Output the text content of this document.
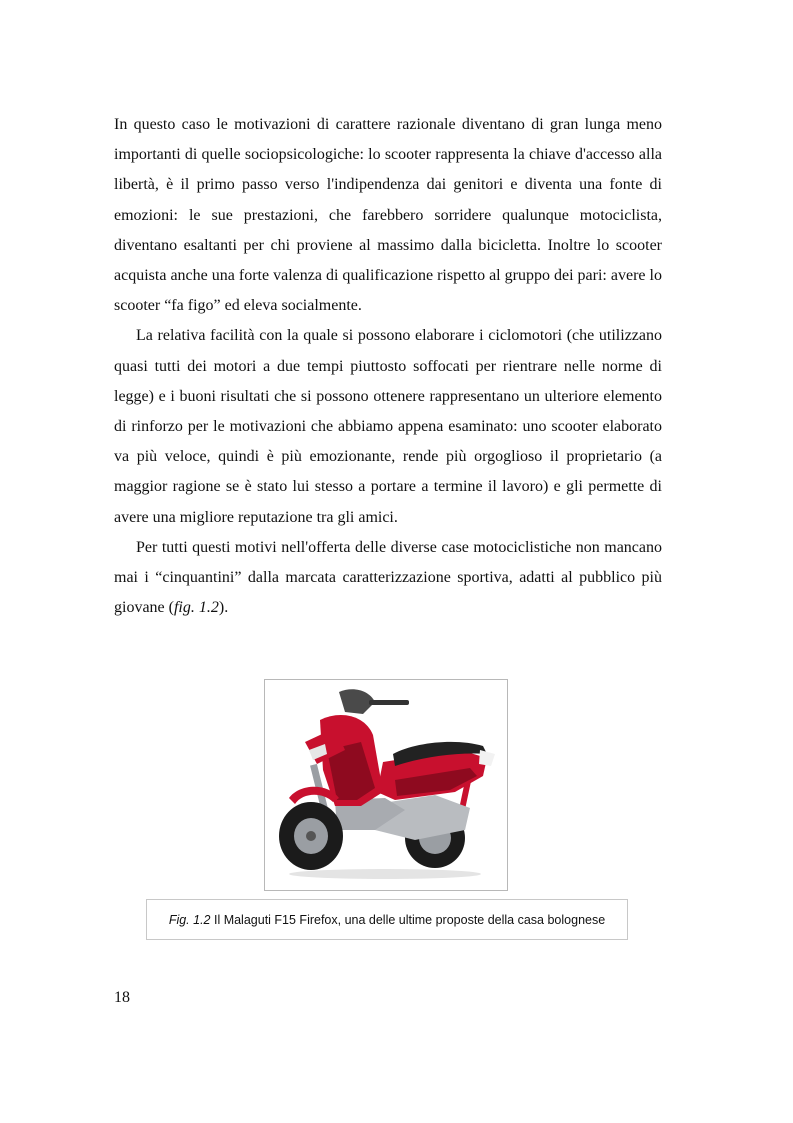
In questo caso le motivazioni di carattere razionale diventano di gran lunga meno importanti di quelle sociopsicologiche: lo scooter rappresenta la chiave d'accesso alla libertà, è il primo passo verso l'indipendenza dai genitori e diventa una fonte di emozioni: le sue prestazioni, che farebbero sorridere qualunque motociclista, diventano esaltanti per chi proviene al massimo dalla bicicletta. Inoltre lo scooter acquista anche una forte valenza di qualificazione rispetto al gruppo dei pari: avere lo scooter “fa figo” ed eleva socialmente.

La relativa facilità con la quale si possono elaborare i ciclomotori (che utilizzano quasi tutti dei motori a due tempi piuttosto soffocati per rientrare nelle norme di legge) e i buoni risultati che si possono ottenere rappresentano un ulteriore elemento di rinforzo per le motivazioni che abbiamo appena esaminato: uno scooter elaborato va più veloce, quindi è più emozionante, rende più orgoglioso il proprietario (a maggior ragione se è stato lui stesso a portare a termine il lavoro) e gli permette di avere una migliore reputazione tra gli amici.

Per tutti questi motivi nell'offerta delle diverse case motociclistiche non mancano mai i “cinquantini” dalla marcata caratterizzazione sportiva, adatti al pubblico più giovane (fig. 1.2).

Fig. 1.2 Il Malaguti F15 Firefox, una delle ultime proposte della casa bolognese
18
